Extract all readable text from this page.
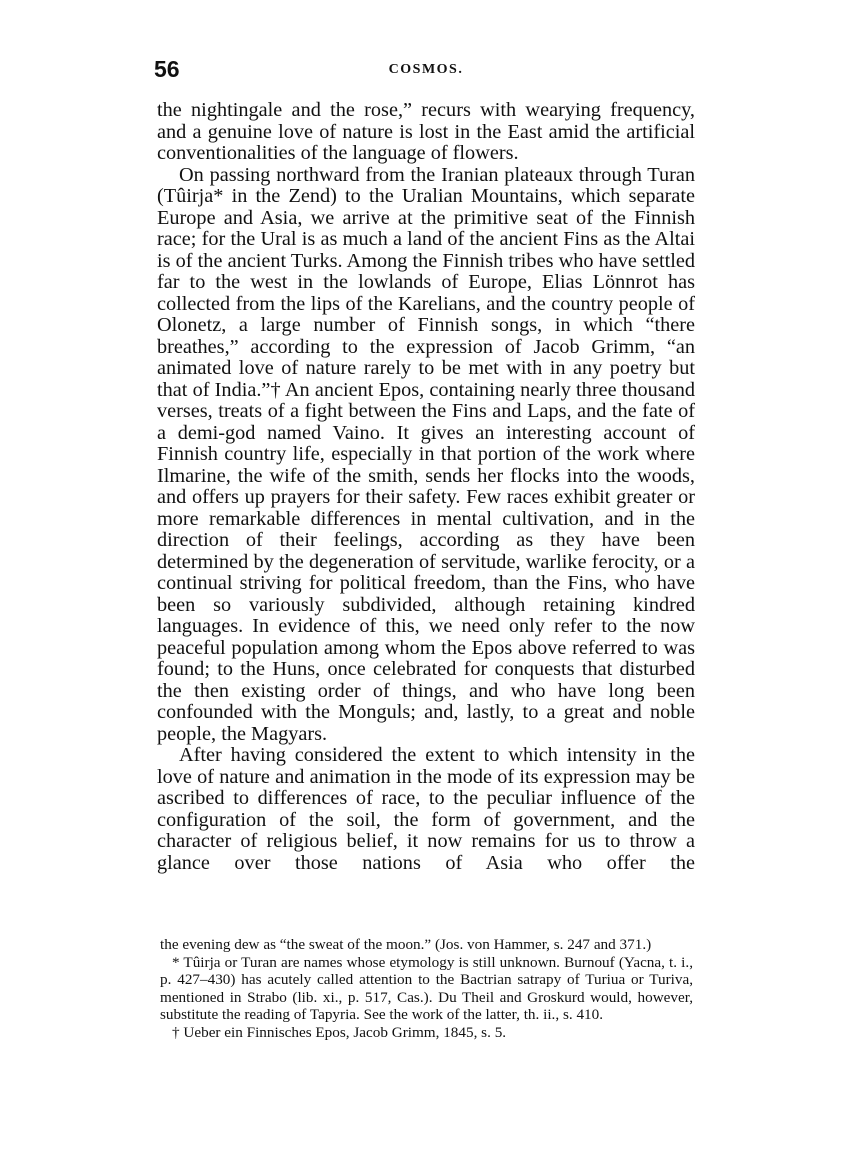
56	COSMOS.

the nightingale and the rose,” recurs with wearying frequency, and a genuine love of nature is lost in the East amid the artificial conventionalities of the language of flowers.

On passing northward from the Iranian plateaux through Turan (Tûirja* in the Zend) to the Uralian Mountains, which separate Europe and Asia, we arrive at the primitive seat of the Finnish race; for the Ural is as much a land of the ancient Fins as the Altai is of the ancient Turks. Among the Finnish tribes who have settled far to the west in the lowlands of Europe, Elias Lönnrot has collected from the lips of the Karelians, and the country people of Olonetz, a large number of Finnish songs, in which “there breathes,” according to the expression of Jacob Grimm, “an animated love of nature rarely to be met with in any poetry but that of India.”† An ancient Epos, containing nearly three thousand verses, treats of a fight between the Fins and Laps, and the fate of a demi-god named Vaino. It gives an interesting account of Finnish country life, especially in that portion of the work where Ilmarine, the wife of the smith, sends her flocks into the woods, and offers up prayers for their safety. Few races exhibit greater or more remarkable differences in mental cultivation, and in the direction of their feelings, according as they have been determined by the degeneration of servitude, warlike ferocity, or a continual striving for political freedom, than the Fins, who have been so variously subdivided, although retaining kindred languages. In evidence of this, we need only refer to the now peaceful population among whom the Epos above referred to was found; to the Huns, once celebrated for conquests that disturbed the then existing order of things, and who have long been confounded with the Monguls; and, lastly, to a great and noble people, the Magyars.

After having considered the extent to which intensity in the love of nature and animation in the mode of its expression may be ascribed to differences of race, to the peculiar influence of the configuration of the soil, the form of government, and the character of religious belief, it now remains for us to throw a glance over those nations of Asia who offer the

the evening dew as “the sweat of the moon.” (Jos. von Hammer, s. 247 and 371.)

* Tûirja or Turan are names whose etymology is still unknown. Burnouf (Yacna, t. i., p. 427–430) has acutely called attention to the Bactrian satrapy of Turiua or Turiva, mentioned in Strabo (lib. xi., p. 517, Cas.). Du Theil and Groskurd would, however, substitute the reading of Tapyria. See the work of the latter, th. ii., s. 410.

† Ueber ein Finnisches Epos, Jacob Grimm, 1845, s. 5.
